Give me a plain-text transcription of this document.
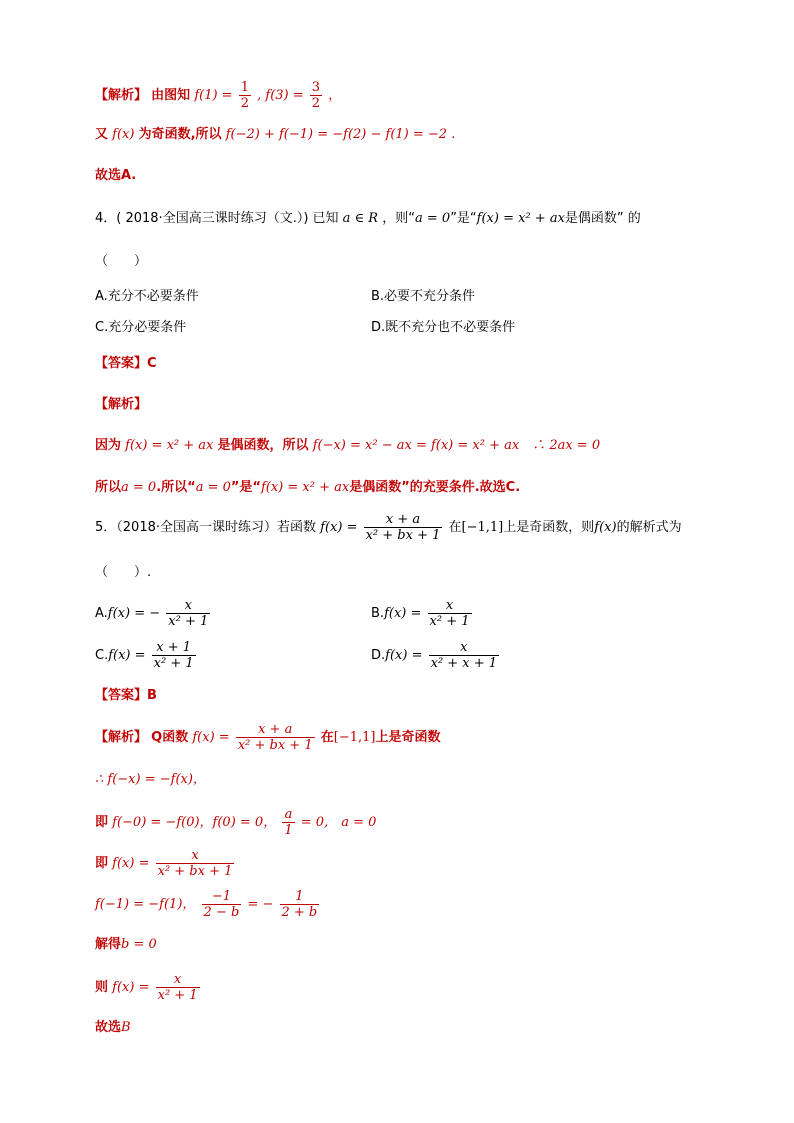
【解析】 由图知 $f(1) = \frac{1}{2}$ , $f(3) = \frac{3}{2}$ ，
又 f(x) 为奇函数,所以 f(−2) + f(−1) = −f(2) − f(1) = −2 .
故选A.
4．( 2018·全国高三课时练习（文.）) 已知 a ∈ R ，则“a = 0”是“f(x) = x² + ax是偶函数” 的
（　　）
A.充分不必要条件	B.必要不充分条件
C.充分必要条件	D.既不充分也不必要条件
【答案】C
【解析】
因为 f(x) = x² + ax 是偶函数，所以 f(−x) = x² − ax = f(x) = x² + ax　∴ 2ax = 0
所以a = 0.所以“a = 0”是“f(x) = x² + ax是偶函数”的充要条件.故选C.
5．（2018·全国高一课时练习）若函数 $f(x) = \frac{x + a}{\text{x² + bx + 1}}$ 在[−1,1]上是奇函数，则f(x)的解析式为
（　　）.
A.f(x) = − $\frac{x}{\text{x² + 1}}$	$B.f(x) = \frac{x}{\text{x² + 1}}$
$C.f(x) = \frac{x + 1}{\text{x² + 1}}$	$D.f(x) = \frac{x}{\text{x² + x + 1}}$
【答案】B
【解析】 Q函数 $f(x) = \frac{x + a}{\text{x² + bx + 1}}$ 在[−1,1]上是奇函数
∴ f(−x) = −f(x)，
即 f(−0) = −f(0)，f(0) = 0， $\frac{a}{1} = 0$,　a = 0
即 $f(x) = \frac{x}{\text{x² + bx + 1}}$
f(−1) = −f(1)， $\frac{-1}{2 - b}$ = − $\frac{1}{2 + b}$
解得b = 0
则 $f(x) = \frac{x}{\text{x² + 1}}$
故选B
